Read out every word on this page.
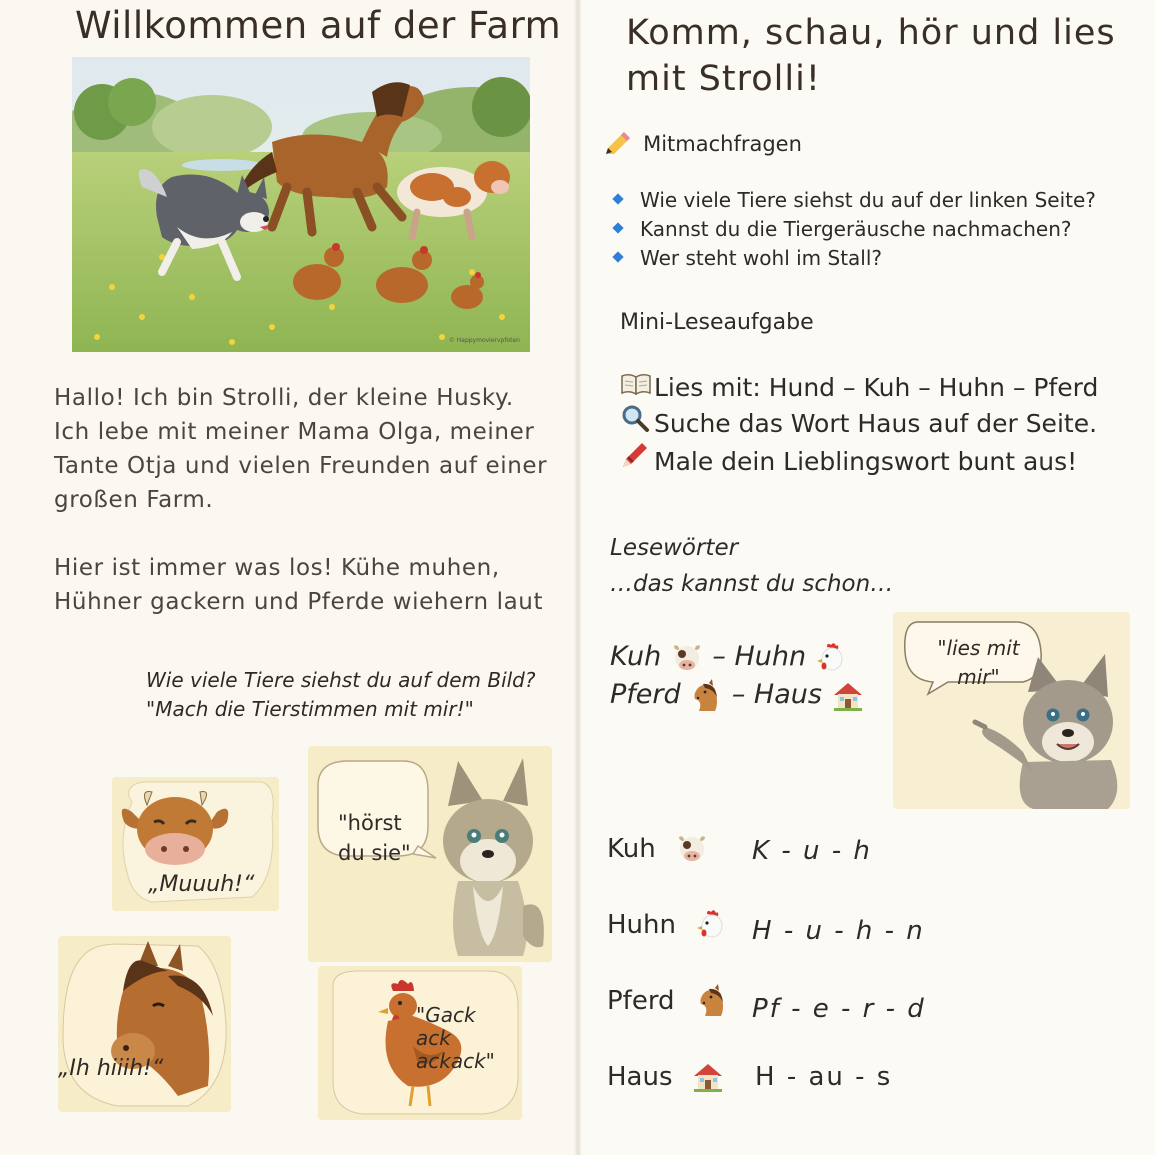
Willkommen auf der Farm
© Happymoviervpfoten

Hallo! Ich bin Strolli, der kleine Husky. Ich lebe mit meiner Mama Olga, meiner Tante Otja und vielen Freunden auf einer großen Farm.

Hier ist immer was los! Kühe muhen, Hühner gackern und Pferde wiehern laut

Wie viele Tiere siehst du auf dem Bild?
"Mach die Tierstimmen mit mir!"
„Muuuh!“
"hörst du sie"
„Ih hiiih!“
"Gack ack ackack"
Komm, schau, hör und lies mit Strolli!
Mitmachfragen
Wie viele Tiere siehst du auf der linken Seite?
Kannst du die Tiergeräusche nachmachen?
Wer steht wohl im Stall?
Mini-Leseaufgabe
Lies mit: Hund – Kuh – Huhn – Pferd
Suche das Wort Haus auf der Seite.
Male dein Lieblingswort bunt aus!
Lesewörter
…das kannst du schon…
Kuh – Huhn
Pferd – Haus
"lies mit mir"
Kuh	K - u - h
Huhn	H - u - h - n
Pferd	Pf - e - r - d
Haus	H - au - s
